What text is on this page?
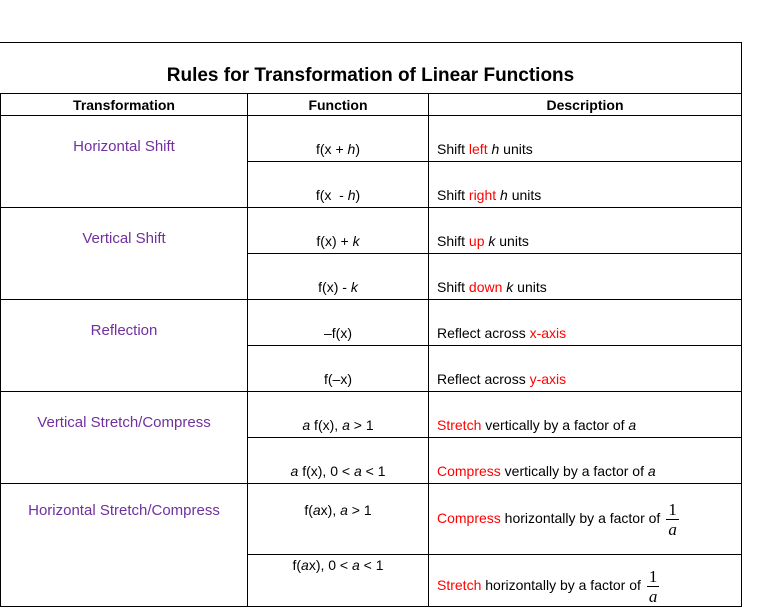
Rules for Transformation of Linear Functions
Transformation	Function	Description
Horizontal Shift	f(x + h)	Shift left h units
	f(x  - h)	Shift right h units
Vertical Shift	f(x) + k	Shift up k units
	f(x) - k	Shift down k units
Reflection	–f(x)	Reflect across x-axis
	f(–x)	Reflect across y-axis
Vertical Stretch/Compress	a f(x), a > 1	Stretch vertically by a factor of a
	a f(x), 0 < a < 1	Compress vertically by a factor of a
Horizontal Stretch/Compress	f(ax), a > 1	Compress horizontally by a factor of $\frac{1}{a}$

	f(ax), 0 < a < 1	Stretch horizontally by a factor of $\frac{1}{a}$
